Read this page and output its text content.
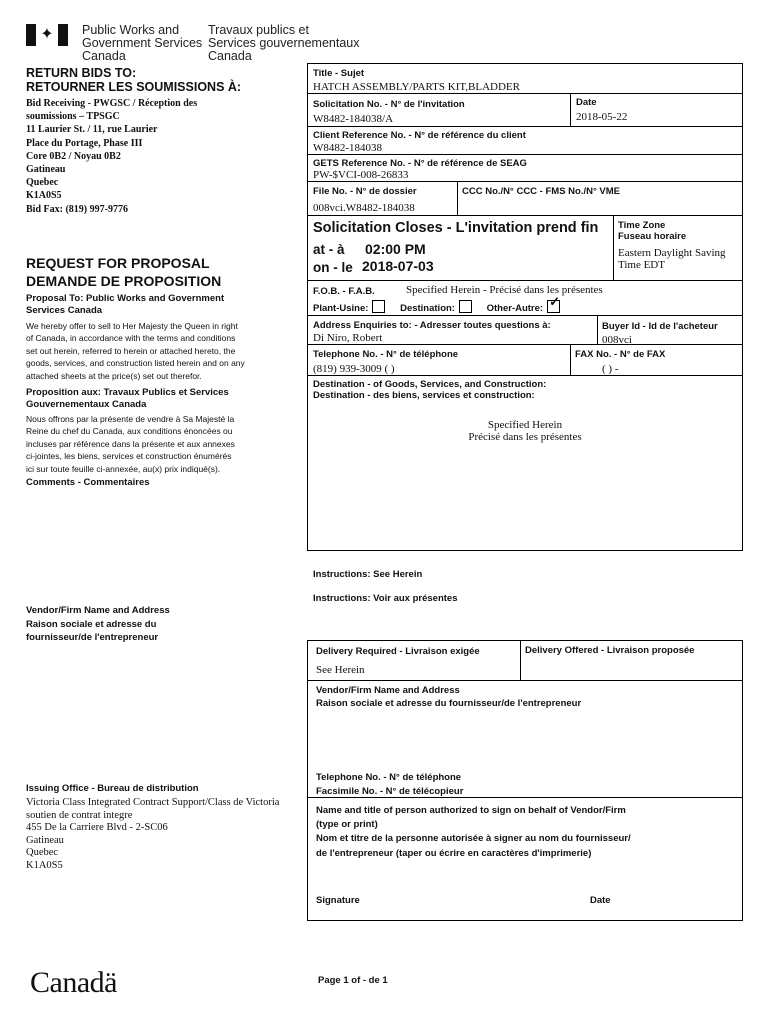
✦ Public Works and
Government Services
Canada
Travaux publics et
Services gouvernementaux
Canada
RETURN BIDS TO:
RETOURNER LES SOUMISSIONS À:
Bid Receiving - PWGSC / Réception des
soumissions – TPSGC
11 Laurier St. / 11, rue Laurier
Place du Portage, Phase III
Core 0B2 / Noyau 0B2
Gatineau
Quebec
K1A0S5
Bid Fax: (819) 997-9776
REQUEST FOR PROPOSAL
DEMANDE DE PROPOSITION
Proposal To: Public Works and Government
Services Canada
We hereby offer to sell to Her Majesty the Queen in right
of Canada, in accordance with the terms and conditions
set out herein, referred to herein or attached hereto, the
goods, services, and construction listed herein and on any
attached sheets at the price(s) set out therefor.
Proposition aux: Travaux Publics et Services
Gouvernementaux Canada
Nous offrons par la présente de vendre à Sa Majesté la
Reine du chef du Canada, aux conditions énoncées ou
incluses par référence dans la présente et aux annexes
ci-jointes, les biens, services et construction énumérés
ici sur toute feuille ci-annexée, au(x) prix indiqué(s).
Comments - Commentaires
Vendor/Firm Name and Address
Raison sociale et adresse du
fournisseur/de l'entrepreneur
Issuing Office - Bureau de distribution
Victoria Class Integrated Contract Support/Class de Victoria
soutien de contrat integre
455 De la Carriere Blvd - 2-SC06
Gatineau
Quebec
K1A0S5
Title - Sujet
HATCH ASSEMBLY/PARTS KIT,BLADDER
Solicitation No. - N° de l'invitation
W8482-184038/A
Date
2018-05-22
Client Reference No. - N° de référence du client
W8482-184038
GETS Reference No. - N° de référence de SEAG
PW-$VCI-008-26833
File No. - N° de dossier
008vci.W8482-184038
CCC No./N° CCC - FMS No./N° VME
Solicitation Closes - L'invitation prend fin
at - à 02:00 PM
on - le 2018-07-03
Time Zone
Fuseau horaire
Eastern Daylight Saving
Time EDT
F.O.B. - F.A.B.	Specified Herein - Précisé dans les présentes
Plant-Usine:	Destination:	Other-Autre:✓
Address Enquiries to: - Adresser toutes questions à:
Di Niro, Robert
Buyer Id - Id de l'acheteur
008vci
Telephone No. - N° de téléphone
(819) 939-3009 ( )
FAX No. - N° de FAX
( ) -
Destination - of Goods, Services, and Construction:
Destination - des biens, services et construction:
Specified Herein
Précisé dans les présentes
Instructions: See Herein
Instructions: Voir aux présentes
Delivery Required - Livraison exigée
See Herein
Delivery Offered - Livraison proposée
Vendor/Firm Name and Address
Raison sociale et adresse du fournisseur/de l'entrepreneur
Telephone No. - N° de téléphone
Facsimile No. - N° de télécopieur
Name and title of person authorized to sign on behalf of Vendor/Firm
(type or print)
Nom et titre de la personne autorisée à signer au nom du fournisseur/
de l'entrepreneur (taper ou écrire en caractères d'imprimerie)
Signature	Date
Canadä	Page 1 of - de 1
